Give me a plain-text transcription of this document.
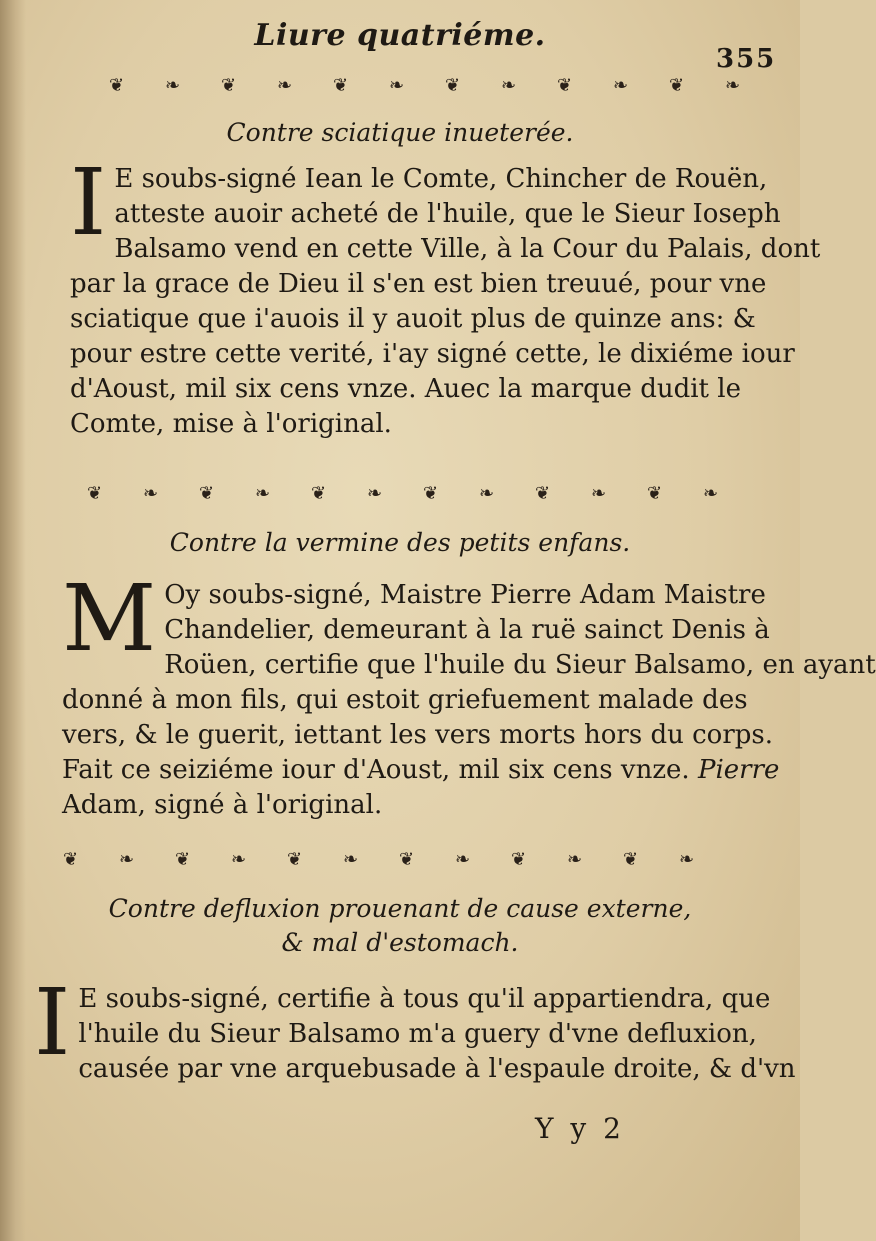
Liure quatriéme.
355
❦ ❧ ❦ ❧ ❦ ❧ ❦ ❧ ❦ ❧ ❦ ❧
Contre sciatique inueterée.
I E soubs-signé Iean le Comte, Chincher de Rouën,
atteste auoir acheté de l'huile, que le Sieur Ioseph
Balsamo vend en cette Ville, à la Cour du Palais, dont
par la grace de Dieu il s'en est bien treuué, pour vne
sciatique que i'auois il y auoit plus de quinze ans: &
pour estre cette verité, i'ay signé cette, le dixiéme iour
d'Aoust, mil six cens vnze. Auec la marque dudit le
Comte, mise à l'original.
❦ ❧ ❦ ❧ ❦ ❧ ❦ ❧ ❦ ❧ ❦ ❧
Contre la vermine des petits enfans.
M Oy soubs-signé, Maistre Pierre Adam Maistre
Chandelier, demeurant à la ruë sainct Denis à
Roüen, certifie que l'huile du Sieur Balsamo, en ayant
donné à mon fils, qui estoit griefuement malade des
vers, & le guerit, iettant les vers morts hors du corps.
Fait ce seiziéme iour d'Aoust, mil six cens vnze. Pierre
Adam, signé à l'original.
❦ ❧ ❦ ❧ ❦ ❧ ❦ ❧ ❦ ❧ ❦ ❧
Contre defluxion prouenant de cause externe,
& mal d'estomach.
I E soubs-signé, certifie à tous qu'il appartiendra, que
l'huile du Sieur Balsamo m'a guery d'vne defluxion,
causée par vne arquebusade à l'espaule droite, & d'vn
Y y 2
